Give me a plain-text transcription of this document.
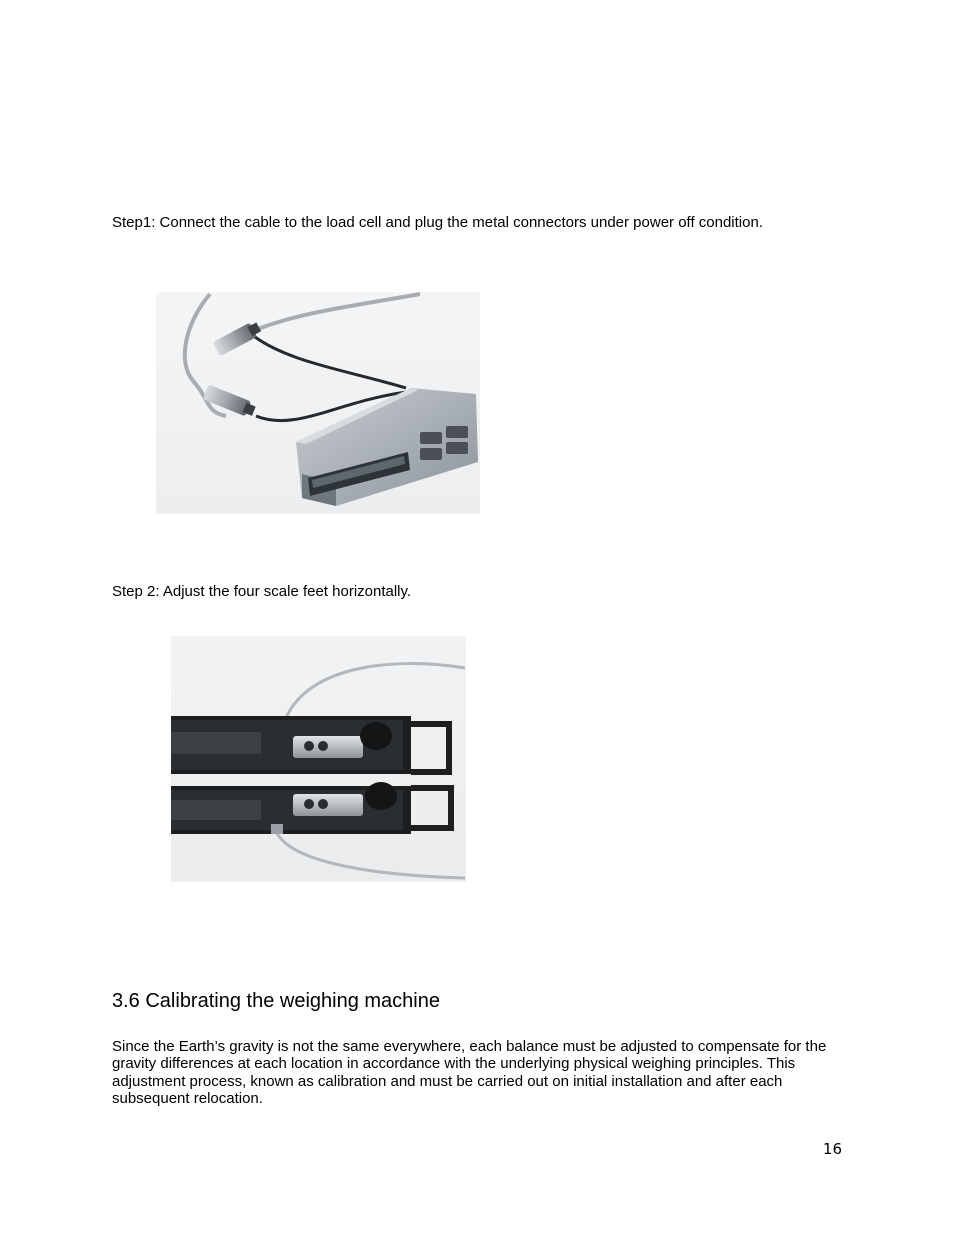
Step1: Connect the cable to the load cell and plug the metal connectors under power off condition.

Step 2: Adjust the four scale feet horizontally.

3.6 Calibrating the weighing machine

Since the Earth’s gravity is not the same everywhere, each balance must be adjusted to compensate for the gravity differences at each location in accordance with the underlying physical weighing principles. This adjustment process, known as calibration and must be carried out on initial installation and after each subsequent relocation.

16
